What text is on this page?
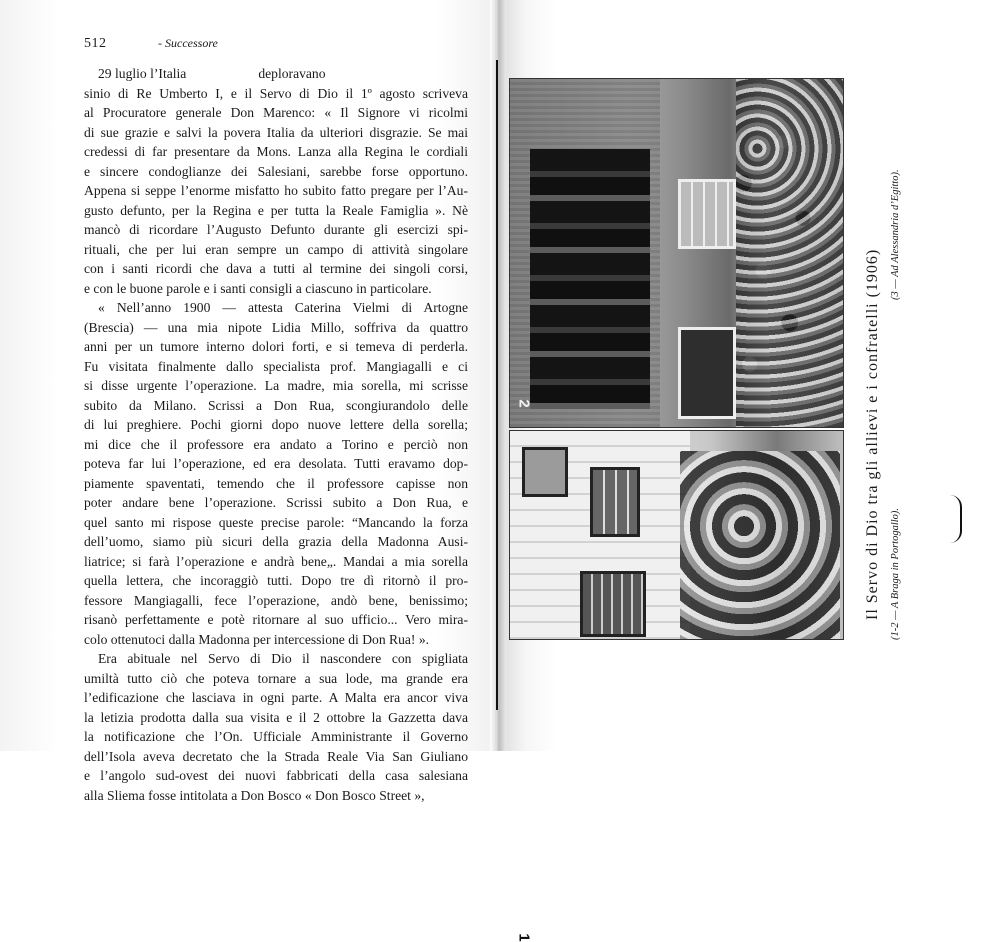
512	- Successore
29 luglio l’Italia	deploravano
sinio di Re Umberto I, e il Servo di Dio il 1º agosto scriveva
al Procuratore generale Don Marenco: « Il Signore vi ricolmi
di sue grazie e salvi la povera Italia da ulteriori disgrazie. Se mai
credessi di far presentare da Mons. Lanza alla Regina le cordiali
e sincere condoglianze dei Salesiani, sarebbe forse opportuno.
Appena si seppe l’enorme misfatto ho subito fatto pregare per l’Au-
gusto defunto, per la Regina e per tutta la Reale Famiglia ». Nè
mancò di ricordare l’Augusto Defunto durante gli esercizi spi-
rituali, che per lui eran sempre un campo di attività singolare
con i santi ricordi che dava a tutti al termine dei singoli corsi,
e con le buone parole e i santi consigli a ciascuno in particolare.
« Nell’anno 1900 — attesta Caterina Vielmi di Artogne
(Brescia) — una mia nipote Lidia Millo, soffriva da quattro
anni per un tumore interno dolori forti, e si temeva di perderla.
Fu visitata finalmente dallo specialista prof. Mangiagalli e ci
si disse urgente l’operazione. La madre, mia sorella, mi scrisse
subito da Milano. Scrissi a Don Rua, scongiurandolo delle
di lui preghiere. Pochi giorni dopo nuove lettere della sorella;
mi dice che il professore era andato a Torino e perciò non
poteva far lui l’operazione, ed era desolata. Tutti eravamo dop-
piamente spaventati, temendo che il professore capisse non
poter andare bene l’operazione. Scrissi subito a Don Rua, e
quel santo mi rispose queste precise parole: “Mancando la forza
dell’uomo, siamo più sicuri della grazia della Madonna Ausi-
liatrice; si farà l’operazione e andrà bene„. Mandai a mia sorella
quella lettera, che incoraggiò tutti. Dopo tre dì ritornò il pro-
fessore Mangiagalli, fece l’operazione, andò bene, benissimo;
risanò perfettamente e potè ritornare al suo ufficio... Vero mira-
colo ottenutoci dalla Madonna per intercessione di Don Rua! ».
Era abituale nel Servo di Dio il nascondere con spigliata
umiltà tutto ciò che poteva tornare a sua lode, ma grande era
l’edificazione che lasciava in ogni parte. A Malta era ancor viva
la letizia prodotta dalla sua visita e il 2 ottobre la Gazzetta dava
la notificazione che l’On. Ufficiale Amministrante il Governo
dell’Isola aveva decretato che la Strada Reale Via San Giuliano
e l’angolo sud-ovest dei nuovi fabbricati della casa salesiana
alla Sliema fosse intitolata a Don Bosco « Don Bosco Street »,
2
1
Il Servo di Dio tra gli allievi e i confratelli (1906) (1-2 — A Braga in Portogallo).
(3 — Ad Alessandria d’Egitto).
